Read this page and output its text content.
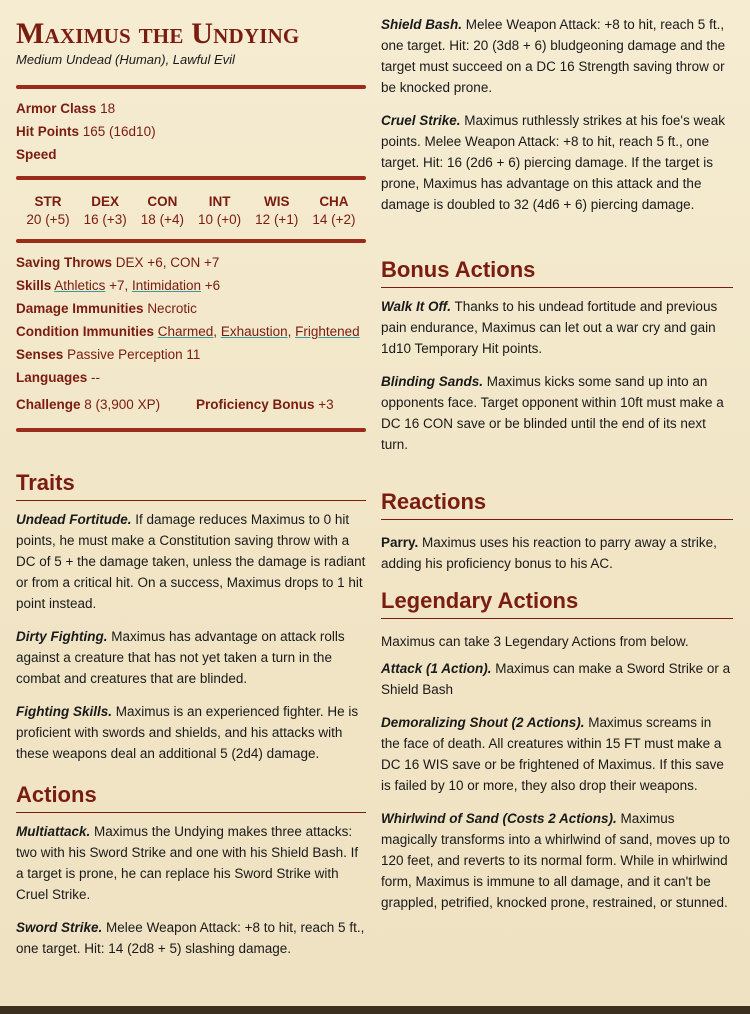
Maximus the Undying
Medium Undead (Human), Lawful Evil
Armor Class 18
Hit Points 165 (16d10)
Speed
STR
20 (+5)
DEX
16 (+3)
CON
18 (+4)
INT
10 (+0)
WIS
12 (+1)
CHA
14 (+2)
Saving Throws DEX +6, CON +7
Skills Athletics +7, Intimidation +6
Damage Immunities Necrotic
Condition Immunities Charmed, Exhaustion, Frightened
Senses Passive Perception 11
Languages --
Challenge 8 (3,900 XP)	Proficiency Bonus +3
Traits

Undead Fortitude. If damage reduces Maximus to 0 hit points, he must make a Constitution saving throw with a DC of 5 + the damage taken, unless the damage is radiant or from a critical hit. On a success, Maximus drops to 1 hit point instead.

Dirty Fighting. Maximus has advantage on attack rolls against a creature that has not yet taken a turn in the combat and creatures that are blinded.

Fighting Skills. Maximus is an experienced fighter. He is proficient with swords and shields, and his attacks with these weapons deal an additional 5 (2d4) damage.

Actions

Multiattack. Maximus the Undying makes three attacks: two with his Sword Strike and one with his Shield Bash. If a target is prone, he can replace his Sword Strike with Cruel Strike.

Sword Strike. Melee Weapon Attack: +8 to hit, reach 5 ft., one target. Hit: 14 (2d8 + 5) slashing damage.

Shield Bash. Melee Weapon Attack: +8 to hit, reach 5 ft., one target. Hit: 20 (3d8 + 6) bludgeoning damage and the target must succeed on a DC 16 Strength saving throw or be knocked prone.

Cruel Strike. Maximus ruthlessly strikes at his foe's weak points. Melee Weapon Attack: +8 to hit, reach 5 ft., one target. Hit: 16 (2d6 + 6) piercing damage. If the target is prone, Maximus has advantage on this attack and the damage is doubled to 32 (4d6 + 6) piercing damage.

Bonus Actions

Walk It Off. Thanks to his undead fortitude and previous pain endurance, Maximus can let out a war cry and gain 1d10 Temporary Hit points.

Blinding Sands. Maximus kicks some sand up into an opponents face. Target opponent within 10ft must make a DC 16 CON save or be blinded until the end of its next turn.

Reactions

Parry. Maximus uses his reaction to parry away a strike, adding his proficiency bonus to his AC.

Legendary Actions

Maximus can take 3 Legendary Actions from below.

Attack (1 Action). Maximus can make a Sword Strike or a Shield Bash

Demoralizing Shout (2 Actions). Maximus screams in the face of death. All creatures within 15 FT must make a DC 16 WIS save or be frightened of Maximus. If this save is failed by 10 or more, they also drop their weapons.

Whirlwind of Sand (Costs 2 Actions). Maximus magically transforms into a whirlwind of sand, moves up to 120 feet, and reverts to its normal form. While in whirlwind form, Maximus is immune to all damage, and it can't be grappled, petrified, knocked prone, restrained, or stunned.
